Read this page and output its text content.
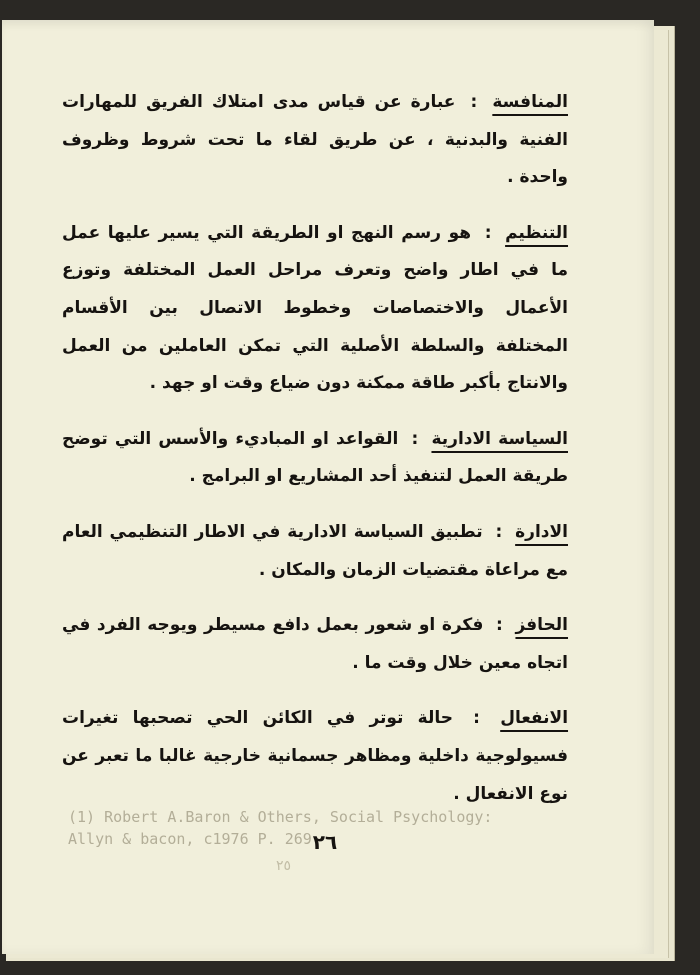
المنافسة :

عبارة عن قياس مدى امتلاك الفريق للمهارات الفنية والبدنية ، عن طريق لقاء ما تحت شروط وظروف واحدة .

التنظيم :

هو رسم النهج او الطريقة التي يسير عليها عمل ما في اطار واضح وتعرف مراحل العمل المختلفة وتوزع الأعمال والاختصاصات وخطوط الاتصال بين الأقسام المختلفة والسلطة الأصلية التي تمكن العاملين من العمل والانتاج بأكبر طاقة ممكنة دون ضياع وقت او جهد .

السياسة الادارية :

القواعد او المباديء والأسس التي توضح طريقة العمل لتنفيذ أحد المشاريع او البرامج .

الادارة :

تطبيق السياسة الادارية في الاطار التنظيمي العام مع مراعاة مقتضيات الزمان والمكان .

الحافز :

فكرة او شعور بعمل دافع مسيطر ويوجه الفرد في اتجاه معين خلال وقت ما .

الانفعال :

حالة توتر في الكائن الحي تصحبها تغيرات فسيولوجية داخلية ومظاهر جسمانية خارجية غالبا ما تعبر عن نوع الانفعال .

(1) Robert A.Baron & Others, Social Psychology:
Allyn & bacon, c1976 P. 269.
٢٦
٢٥
